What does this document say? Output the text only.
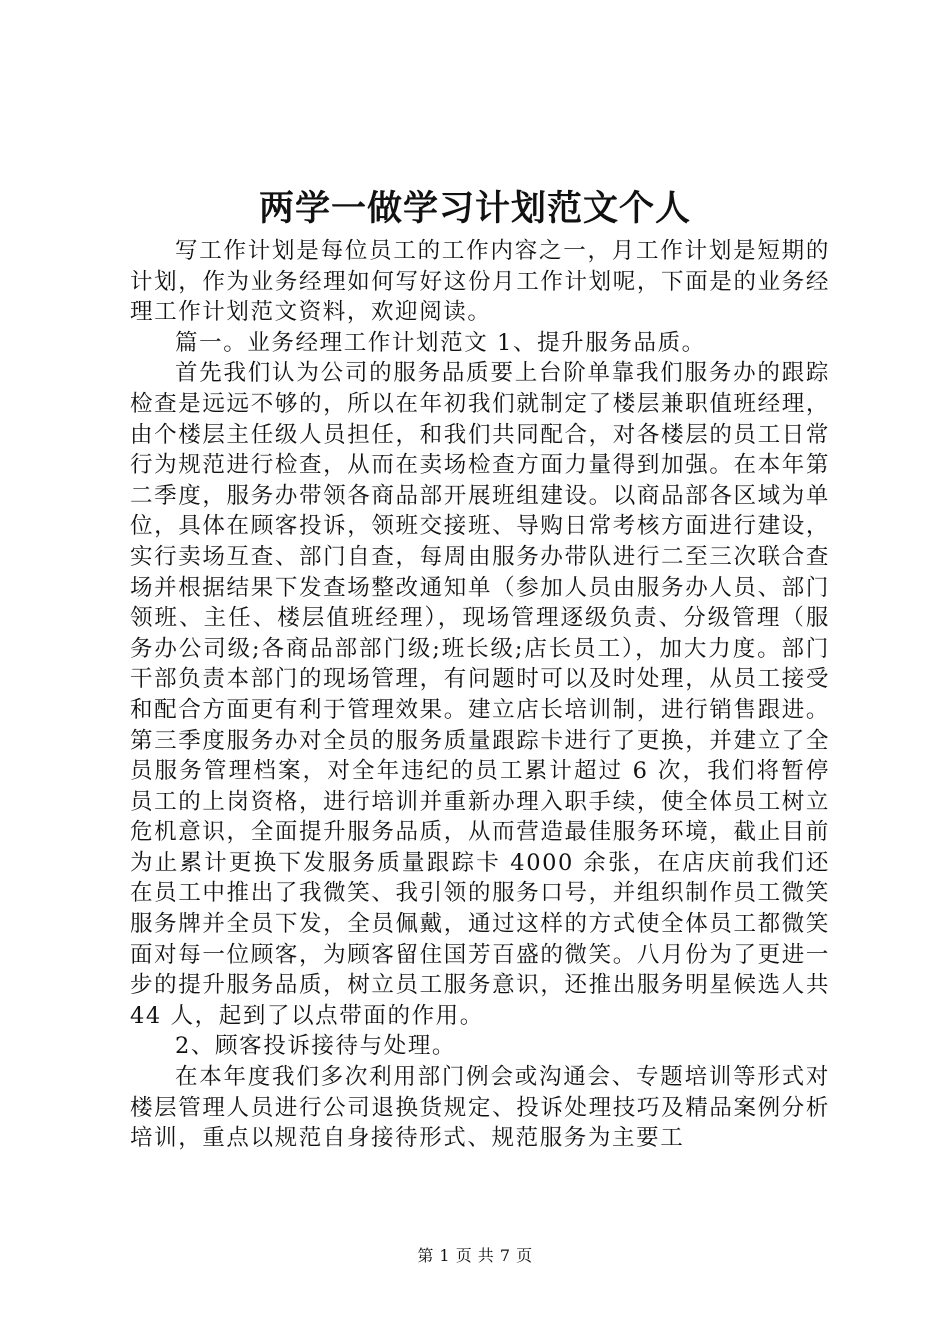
两学一做学习计划范文个人

写工作计划是每位员工的工作内容之一，月工作计划是短期的计划，作为业务经理如何写好这份月工作计划呢，下面是的业务经理工作计划范文资料，欢迎阅读。

篇一。业务经理工作计划范文 1、提升服务品质。

首先我们认为公司的服务品质要上台阶单靠我们服务办的跟踪检查是远远不够的，所以在年初我们就制定了楼层兼职值班经理，由个楼层主任级人员担任，和我们共同配合，对各楼层的员工日常行为规范进行检查，从而在卖场检查方面力量得到加强。在本年第二季度，服务办带领各商品部开展班组建设。以商品部各区域为单位，具体在顾客投诉，领班交接班、导购日常考核方面进行建设，实行卖场互查、部门自查，每周由服务办带队进行二至三次联合查场并根据结果下发查场整改通知单（参加人员由服务办人员、部门领班、主任、楼层值班经理），现场管理逐级负责、分级管理（服务办公司级;各商品部部门级;班长级;店长员工），加大力度。部门干部负责本部门的现场管理，有问题时可以及时处理，从员工接受和配合方面更有利于管理效果。建立店长培训制，进行销售跟进。第三季度服务办对全员的服务质量跟踪卡进行了更换，并建立了全员服务管理档案，对全年违纪的员工累计超过 6 次，我们将暂停员工的上岗资格，进行培训并重新办理入职手续，使全体员工树立危机意识，全面提升服务品质，从而营造最佳服务环境，截止目前为止累计更换下发服务质量跟踪卡 4000 余张，在店庆前我们还在员工中推出了我微笑、我引领的服务口号，并组织制作员工微笑服务牌并全员下发，全员佩戴，通过这样的方式使全体员工都微笑面对每一位顾客，为顾客留住国芳百盛的微笑。八月份为了更进一步的提升服务品质，树立员工服务意识，还推出服务明星候选人共 44 人，起到了以点带面的作用。

2、顾客投诉接待与处理。

在本年度我们多次利用部门例会或沟通会、专题培训等形式对楼层管理人员进行公司退换货规定、投诉处理技巧及精品案例分析培训，重点以规范自身接待形式、规范服务为主要工

第 1 页 共 7 页
